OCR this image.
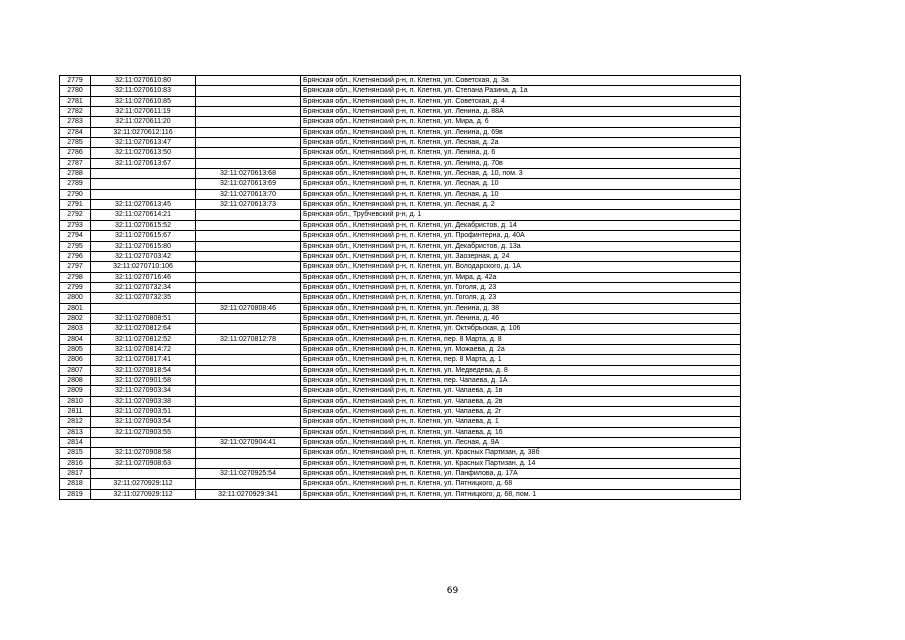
2779	32:11:0270610:80		Брянская обл., Клетнянский р-н, п. Клетня, ул. Советская, д. 3а
2780	32:11:0270610:83		Брянская обл., Клетнянский р-н, п. Клетня, ул. Степана Разина, д. 1а
2781	32:11:0270610:85		Брянская обл., Клетнянский р-н, п. Клетня, ул. Советская, д. 4
2782	32:11:0270611:19		Брянская обл., Клетнянский р-н, п. Клетня, ул. Ленина, д. 88А
2783	32:11:0270611:20		Брянская обл., Клетнянский р-н, п. Клетня, ул. Мира, д. 6
2784	32:11:0270612:116		Брянская обл., Клетнянский р-н, п. Клетня, ул. Ленина, д. 69в
2785	32:11:0270613:47		Брянская обл., Клетнянский р-н, п. Клетня, ул. Лесная, д. 2а
2786	32:11:0270613:50		Брянская обл., Клетнянский р-н, п. Клетня, ул. Ленина, д. 6
2787	32:11:0270613:67		Брянская обл., Клетнянский р-н, п. Клетня, ул. Ленина, д. 70в
2788		32:11:0270613:68	Брянская обл., Клетнянский р-н, п. Клетня, ул. Лесная, д. 10, пом. 3
2789		32:11:0270613:69	Брянская обл., Клетнянский р-н, п. Клетня, ул. Лесная, д. 10
2790		32:11:0270613:70	Брянская обл., Клетнянский р-н, п. Клетня, ул. Лесная, д. 10
2791	32:11:0270613:45	32:11:0270613:73	Брянская обл., Клетнянский р-н, п. Клетня, ул. Лесная, д. 2
2792	32:11:0270614:21		Брянская обл., Трубчевский р-н, д. 1
2793	32:11:0270615:52		Брянская обл., Клетнянский р-н, п. Клетня, ул. Декабристов, д. 14
2794	32:11:0270615:67		Брянская обл., Клетнянский р-н, п. Клетня, ул. Профинтерна, д. 40А
2795	32:11:0270615:80		Брянская обл., Клетнянский р-н, п. Клетня, ул. Декабристов, д. 13а
2796	32:11:0270703:42		Брянская обл., Клетнянский р-н, п. Клетня, ул. Заозерная, д. 24
2797	32:11:0270710:106		Брянская обл., Клетнянский р-н, п. Клетня, ул. Володарского, д. 1А
2798	32:11:0270716:46		Брянская обл., Клетнянский р-н, п. Клетня, ул. Мира, д. 42а
2799	32:11:0270732:34		Брянская обл., Клетнянский р-н, п. Клетня, ул. Гоголя, д. 23
2800	32:11:0270732:35		Брянская обл., Клетнянский р-н, п. Клетня, ул. Гоголя, д. 23
2801		32:11:0270808:46	Брянская обл., Клетнянский р-н, п. Клетня, ул. Ленина, д. 38
2802	32:11:0270808:51		Брянская обл., Клетнянский р-н, п. Клетня, ул. Ленина, д. 46
2803	32:11:0270812:64		Брянская обл., Клетнянский р-н, п. Клетня, ул. Октябрьская, д. 106
2804	32:11:0270812:52	32:11:0270812:78	Брянская обл., Клетнянский р-н, п. Клетня, пер. 8 Марта, д. 8
2805	32:11:0270814:72		Брянская обл., Клетнянский р-н, п. Клетня, ул. Можаева, д. 2а
2806	32:11:0270817:41		Брянская обл., Клетнянский р-н, п. Клетня, пер. 8 Марта, д. 1
2807	32:11:0270818:54		Брянская обл., Клетнянский р-н, п. Клетня, ул. Медведева, д. 8
2808	32:11:0270901:58		Брянская обл., Клетнянский р-н, п. Клетня, пер. Чапаева, д. 1А
2809	32:11:0270903:34		Брянская обл., Клетнянский р-н, п. Клетня, ул. Чапаева, д. 1в
2810	32:11:0270903:38		Брянская обл., Клетнянский р-н, п. Клетня, ул. Чапаева, д. 2в
2811	32:11:0270903:51		Брянская обл., Клетнянский р-н, п. Клетня, ул. Чапаева, д. 2г
2812	32:11:0270903:54		Брянская обл., Клетнянский р-н, п. Клетня, ул. Чапаева, д. 1
2813	32:11:0270903:55		Брянская обл., Клетнянский р-н, п. Клетня, ул. Чапаева, д. 16
2814		32:11:0270904:41	Брянская обл., Клетнянский р-н, п. Клетня, ул. Лесная, д. 9А
2815	32:11:0270908:58		Брянская обл., Клетнянский р-н, п. Клетня, ул. Красных Партизан, д. 38б
2816	32:11:0270908:63		Брянская обл., Клетнянский р-н, п. Клетня, ул. Красных Партизан, д. 14
2817		32:11:0270925:54	Брянская обл., Клетнянский р-н, п. Клетня, ул. Панфилова, д. 17А
2818	32:11:0270929:112		Брянская обл., Клетнянский р-н, п. Клетня, ул. Пятницкого, д. 68
2819	32:11:0270929:112	32:11:0270929:341	Брянская обл., Клетнянский р-н, п. Клетня, ул. Пятницкого, д. 68, пом. 1
69
